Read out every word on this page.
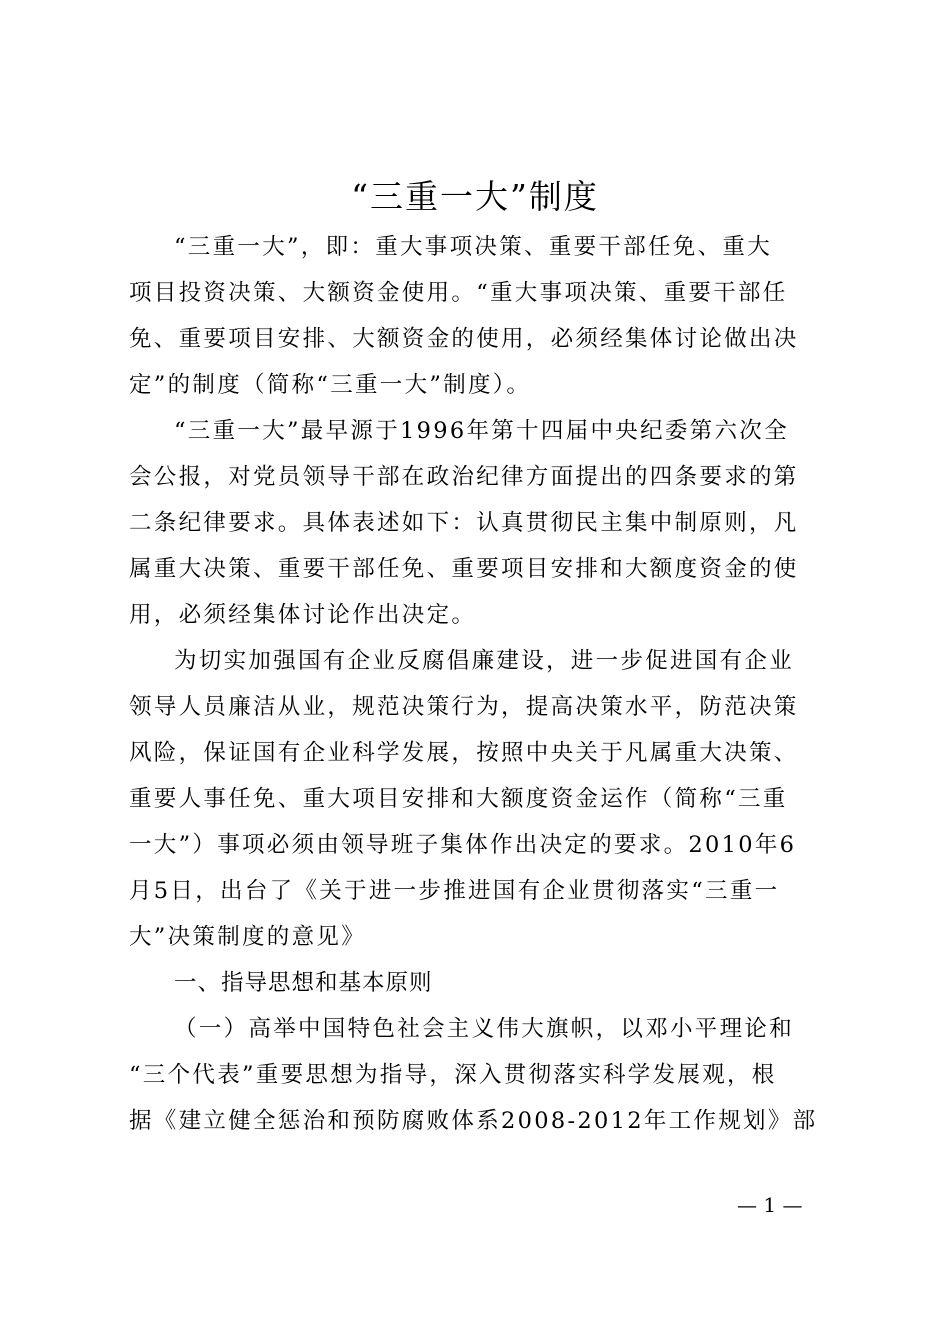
“三重一大”制度

“三重一大”，即：重大事项决策、重要干部任免、重大
项目投资决策、大额资金使用。“重大事项决策、重要干部任
免、重要项目安排、大额资金的使用，必须经集体讨论做出决
定”的制度（简称“三重一大”制度）。

“三重一大”最早源于1996年第十四届中央纪委第六次全
会公报，对党员领导干部在政治纪律方面提出的四条要求的第
二条纪律要求。具体表述如下：认真贯彻民主集中制原则，凡
属重大决策、重要干部任免、重要项目安排和大额度资金的使
用，必须经集体讨论作出决定。

为切实加强国有企业反腐倡廉建设，进一步促进国有企业
领导人员廉洁从业，规范决策行为，提高决策水平，防范决策
风险，保证国有企业科学发展，按照中央关于凡属重大决策、
重要人事任免、重大项目安排和大额度资金运作（简称“三重
一大”）事项必须由领导班子集体作出决定的要求。2010年6
月5日，出台了《关于进一步推进国有企业贯彻落实“三重一
大”决策制度的意见》

一、指导思想和基本原则

（一）高举中国特色社会主义伟大旗帜，以邓小平理论和
“三个代表”重要思想为指导，深入贯彻落实科学发展观，根
据《建立健全惩治和预防腐败体系2008-2012年工作规划》部

— 1 —
